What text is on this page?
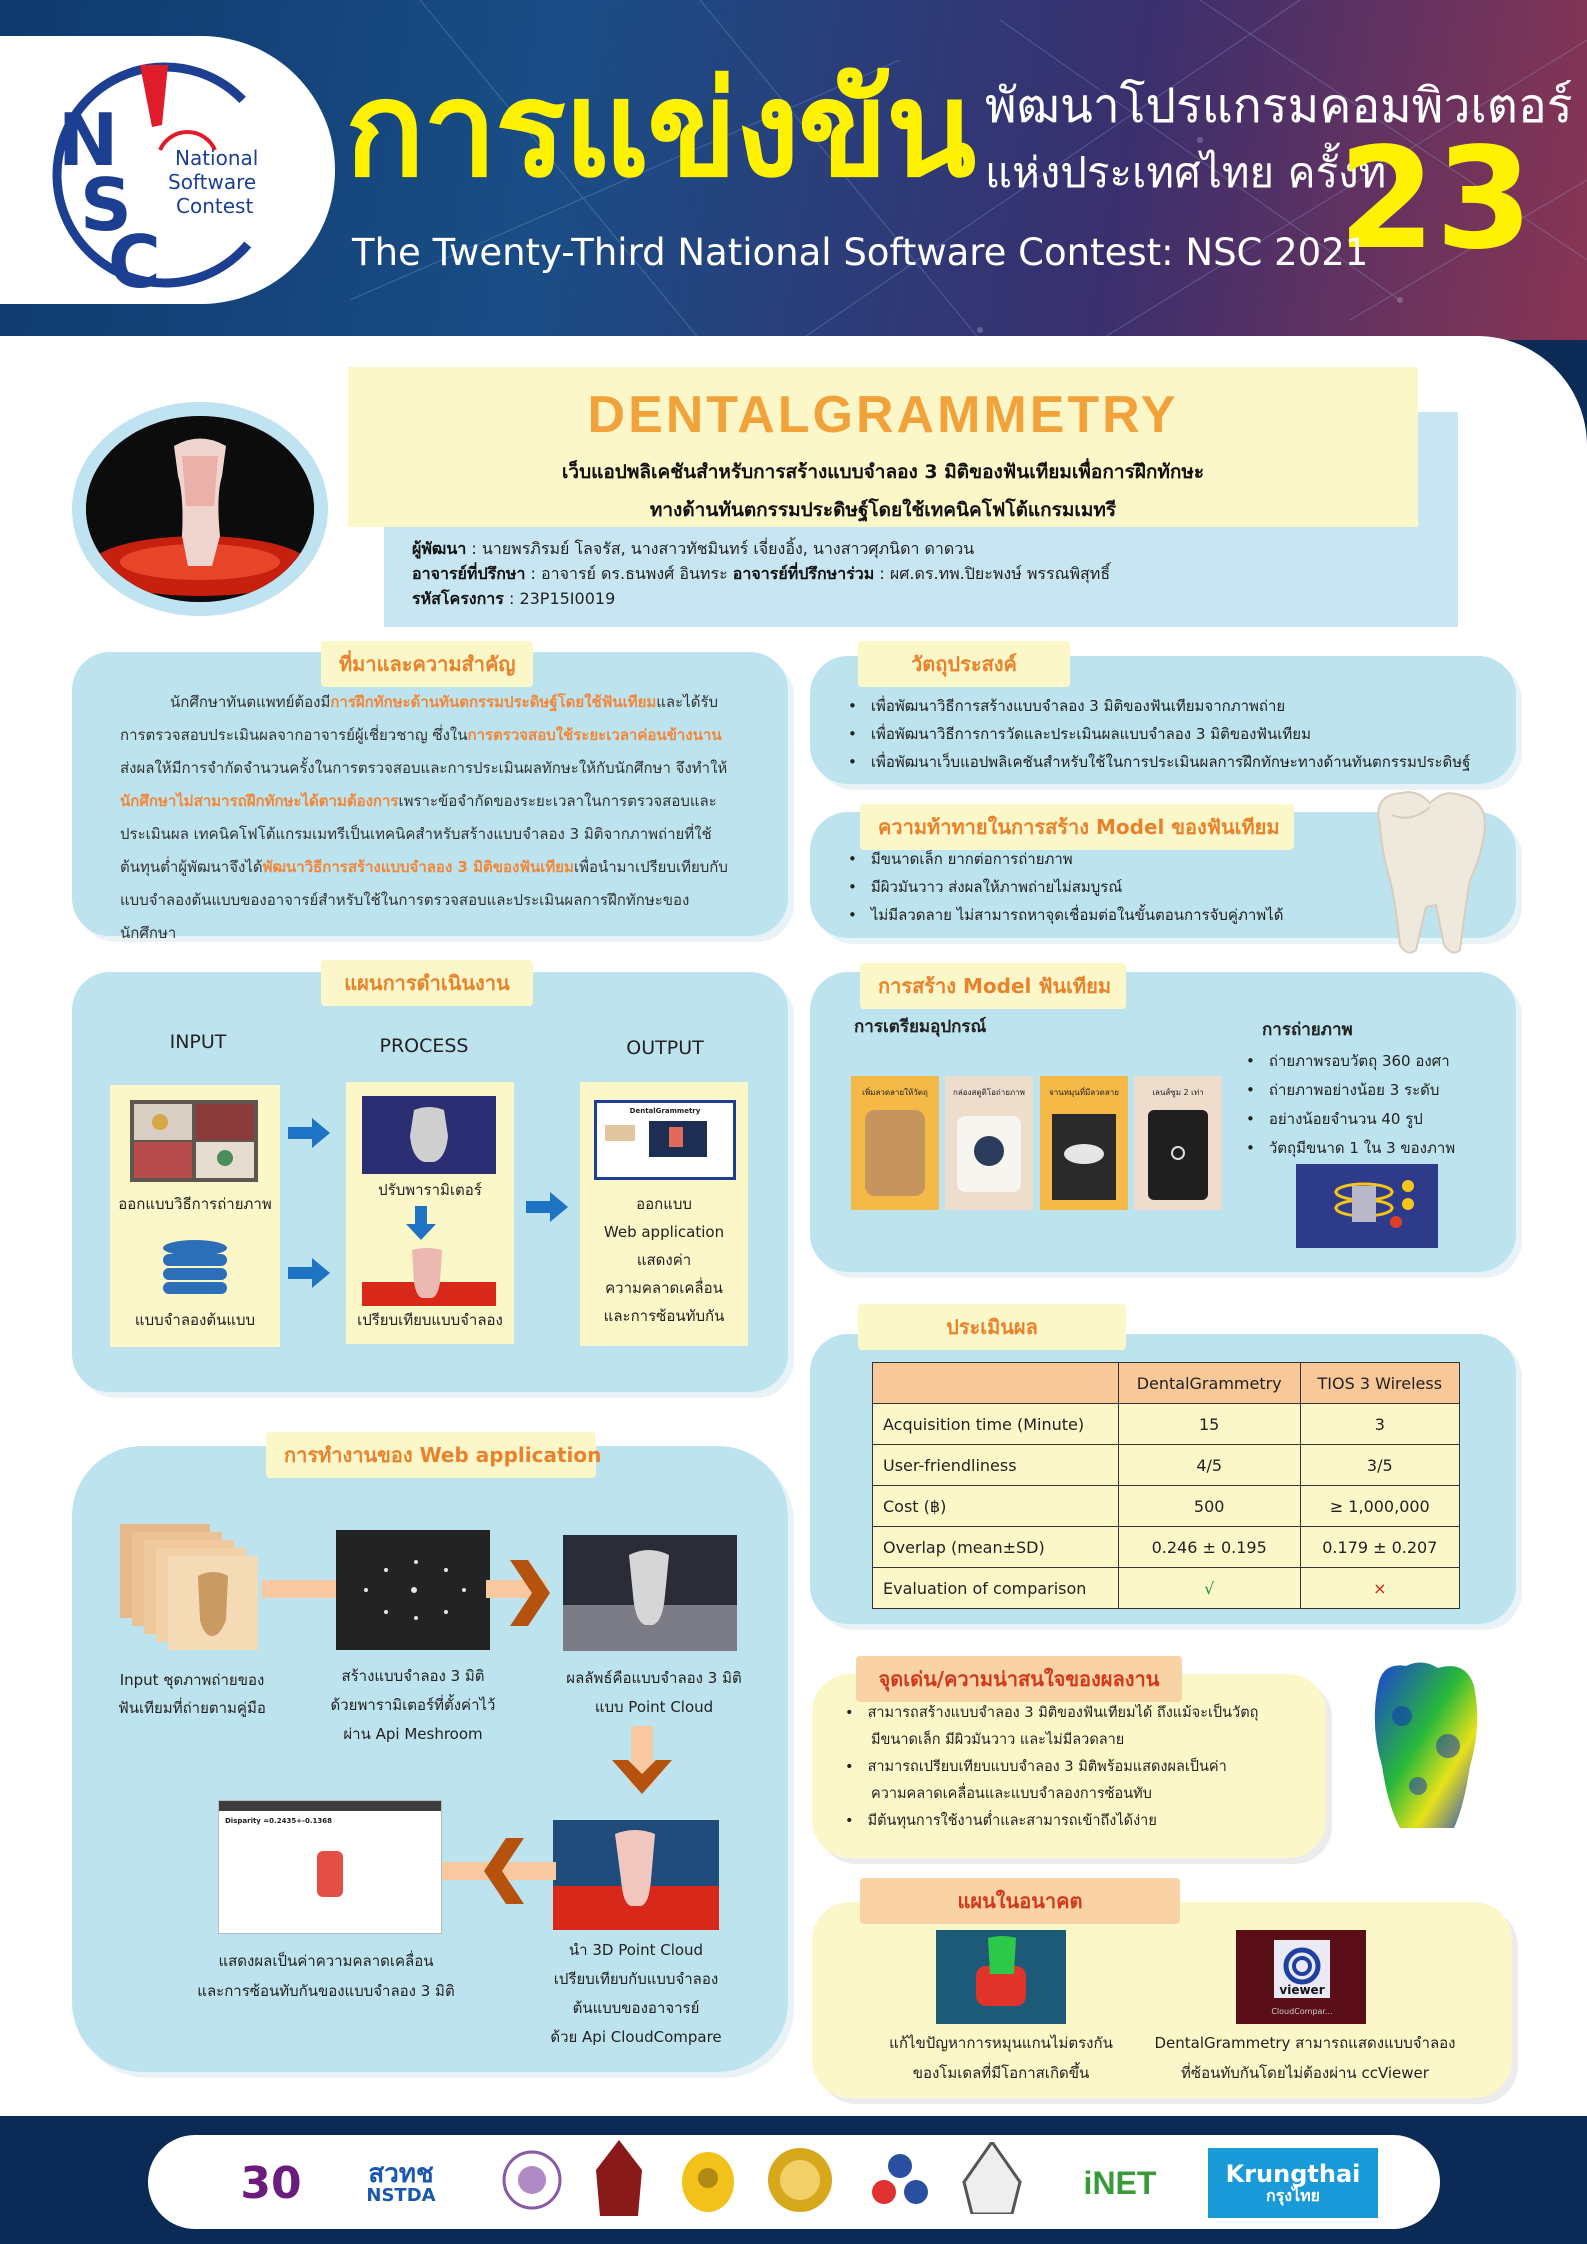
N
S
C
National
Software
Contest การแข่งขัน พัฒนาโปรแกรมคอมพิวเตอร์
แห่งประเทศไทย ครั้งที่
23
The Twenty-Third National Software Contest: NSC 2021
DENTALGRAMMETRY
เว็บแอปพลิเคชันสำหรับการสร้างแบบจำลอง 3 มิติของฟันเทียมเพื่อการฝึกทักษะ
ทางด้านทันตกรรมประดิษฐ์โดยใช้เทคนิคโฟโต้แกรมเมทรี
ผู้พัฒนา : นายพรภิรมย์ โลจรัส, นางสาวทัชมินทร์ เจี่ยงอิ้ง, นางสาวศุภนิดา ดาดวน
อาจารย์ที่ปรึกษา : อาจารย์ ดร.ธนพงศ์ อินทระ อาจารย์ที่ปรึกษาร่วม : ผศ.ดร.ทพ.ปิยะพงษ์ พรรณพิสุทธิ์
รหัสโครงการ : 23P15I0019
ที่มาและความสำคัญ
นักศึกษาทันตแพทย์ต้องมีการฝึกทักษะด้านทันตกรรมประดิษฐ์โดยใช้ฟันเทียมและได้รับ
การตรวจสอบประเมินผลจากอาจารย์ผู้เชี่ยวชาญ ซึ่งในการตรวจสอบใช้ระยะเวลาค่อนข้างนาน
ส่งผลให้มีการจำกัดจำนวนครั้งในการตรวจสอบและการประเมินผลทักษะให้กับนักศึกษา จึงทำให้
นักศึกษาไม่สามารถฝึกทักษะได้ตามต้องการเพราะข้อจำกัดของระยะเวลาในการตรวจสอบและ
ประเมินผล เทคนิคโฟโต้แกรมเมทรีเป็นเทคนิคสำหรับสร้างแบบจำลอง 3 มิติจากภาพถ่ายที่ใช้
ต้นทุนต่ำผู้พัฒนาจึงได้พัฒนาวิธีการสร้างแบบจำลอง 3 มิติของฟันเทียมเพื่อนำมาเปรียบเทียบกับ
แบบจำลองต้นแบบของอาจารย์สำหรับใช้ในการตรวจสอบและประเมินผลการฝึกทักษะของนักศึกษา
วัตถุประสงค์
• เพื่อพัฒนาวิธีการสร้างแบบจำลอง 3 มิติของฟันเทียมจากภาพถ่าย
• เพื่อพัฒนาวิธีการการวัดและประเมินผลแบบจำลอง 3 มิติของฟันเทียม
• เพื่อพัฒนาเว็บแอปพลิเคชันสำหรับใช้ในการประเมินผลการฝึกทักษะทางด้านทันตกรรมประดิษฐ์
ความท้าทายในการสร้าง Model ของฟันเทียม
• มีขนาดเล็ก ยากต่อการถ่ายภาพ
• มีผิวมันวาว ส่งผลให้ภาพถ่ายไม่สมบูรณ์
• ไม่มีลวดลาย ไม่สามารถหาจุดเชื่อมต่อในขั้นตอนการจับคู่ภาพได้
แผนการดำเนินงาน
INPUT	PROCESS	OUTPUT
ออกแบบวิธีการถ่ายภาพ
แบบจำลองต้นแบบ
ปรับพารามิเตอร์
เปรียบเทียบแบบจำลอง
DentalGrammetry
ออกแบบ
Web application
แสดงค่า
ความคลาดเคลื่อน
และการซ้อนทับกัน
การสร้าง Model ฟันเทียม
การเตรียมอุปกรณ์
เพิ่มลวดลายให้วัตถุ	กล่องสตูดิโอถ่ายภาพ	จานหมุนที่มีลวดลาย	เลนส์ซูม 2 เท่า
การถ่ายภาพ
• ถ่ายภาพรอบวัตถุ 360 องศา
• ถ่ายภาพอย่างน้อย 3 ระดับ
• อย่างน้อยจำนวน 40 รูป
• วัตถุมีขนาด 1 ใน 3 ของภาพ
ประเมินผล
	DentalGrammetry	TIOS 3 Wireless
Acquisition time (Minute)	15	3
User-friendliness	4/5	3/5
Cost (฿)	500	≥ 1,000,000
Overlap (mean±SD)	0.246 ± 0.195	0.179 ± 0.207
Evaluation of comparison	√	×
การทำงานของ Web application
Input ชุดภาพถ่ายของ
ฟันเทียมที่ถ่ายตามคู่มือ
สร้างแบบจำลอง 3 มิติ
ด้วยพารามิเตอร์ที่ตั้งค่าไว้
ผ่าน Api Meshroom
ผลลัพธ์คือแบบจำลอง 3 มิติ
แบบ Point Cloud
Disparity =0.2435+-0.1368
แสดงผลเป็นค่าความคลาดเคลื่อน
และการซ้อนทับกันของแบบจำลอง 3 มิติ
นำ 3D Point Cloud
เปรียบเทียบกับแบบจำลอง
ต้นแบบของอาจารย์
ด้วย Api CloudCompare
จุดเด่น/ความน่าสนใจของผลงาน
• สามารถสร้างแบบจำลอง 3 มิติของฟันเทียมได้ ถึงแม้จะเป็นวัตถุ
มีขนาดเล็ก มีผิวมันวาว และไม่มีลวดลาย
• สามารถเปรียบเทียบแบบจำลอง 3 มิติพร้อมแสดงผลเป็นค่า
ความคลาดเคลื่อนและแบบจำลองการซ้อนทับ
• มีต้นทุนการใช้งานต่ำและสามารถเข้าถึงได้ง่าย
แผนในอนาคต
viewer
CloudCompar...
แก้ไขปัญหาการหมุนแกนไม่ตรงกัน
ของโมเดลที่มีโอกาสเกิดขึ้น
DentalGrammetry สามารถแสดงแบบจำลอง
ที่ซ้อนทับกันโดยไม่ต้องผ่าน ccViewer
30	สวทช
NSTDA	iNET	Krungthai
กรุงไทย
